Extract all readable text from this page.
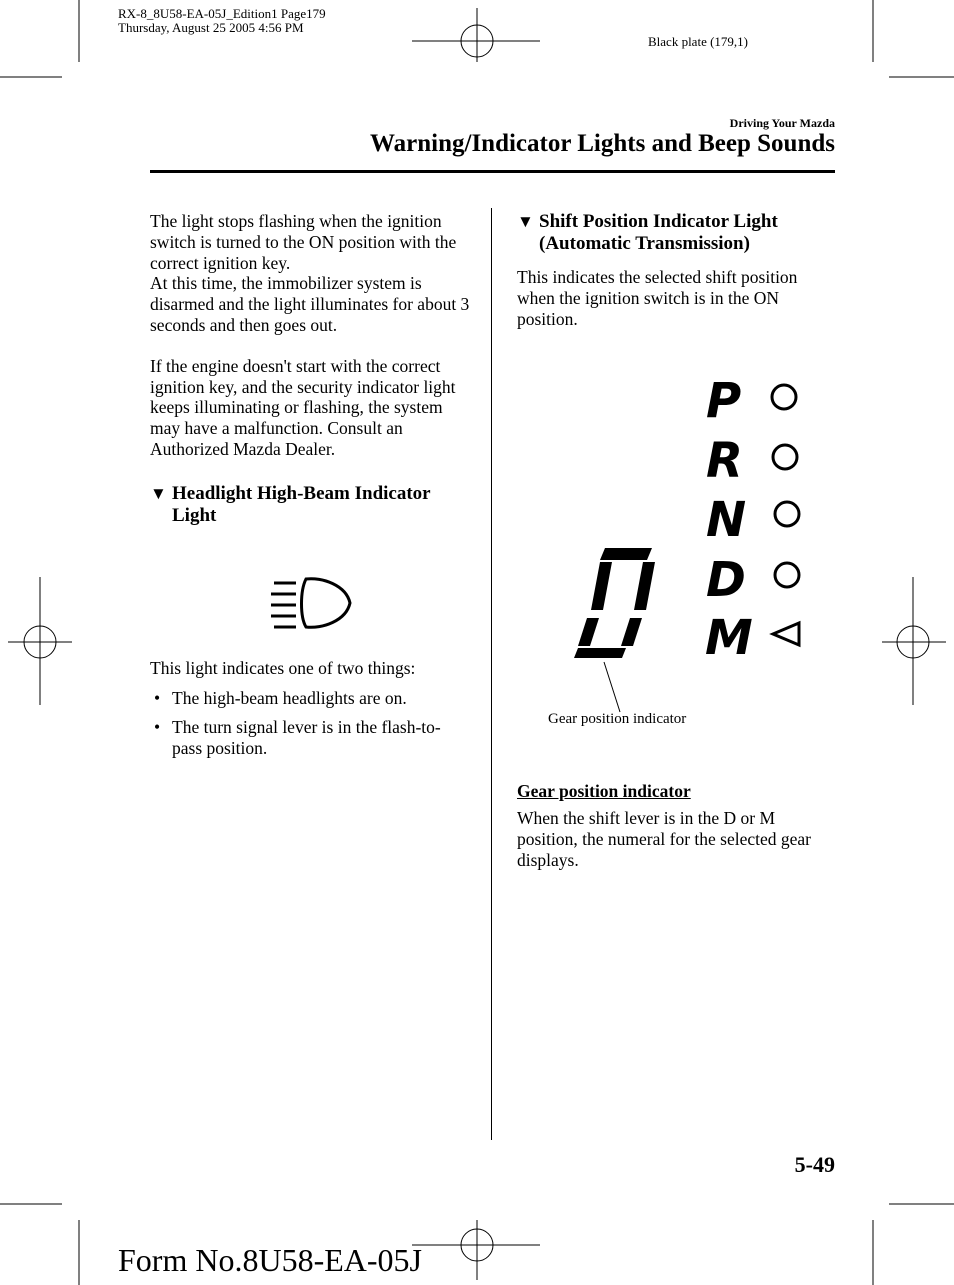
RX-8_8U58-EA-05J_Edition1 Page179
Thursday, August 25 2005 4:56 PM
Black plate (179,1)
Driving Your Mazda
Warning/Indicator Lights and Beep Sounds

The light stops flashing when the ignition switch is turned to the ON position with the correct ignition key.

At this time, the immobilizer system is disarmed and the light illuminates for about 3 seconds and then goes out.

If the engine doesn't start with the correct ignition key, and the security indicator light keeps illuminating or flashing, the system may have a malfunction. Consult an Authorized Mazda Dealer.

▼ Headlight High-Beam Indicator Light

This light indicates one of two things:

• The high-beam headlights are on.
• The turn signal lever is in the flash-to-pass position.

▼ Shift Position Indicator Light (Automatic Transmission)

This indicates the selected shift position when the ignition switch is in the ON position.

P
R
N
D
M
Gear position indicator

Gear position indicator

When the shift lever is in the D or M position, the numeral for the selected gear displays.

5-49
Form No.8U58-EA-05J
